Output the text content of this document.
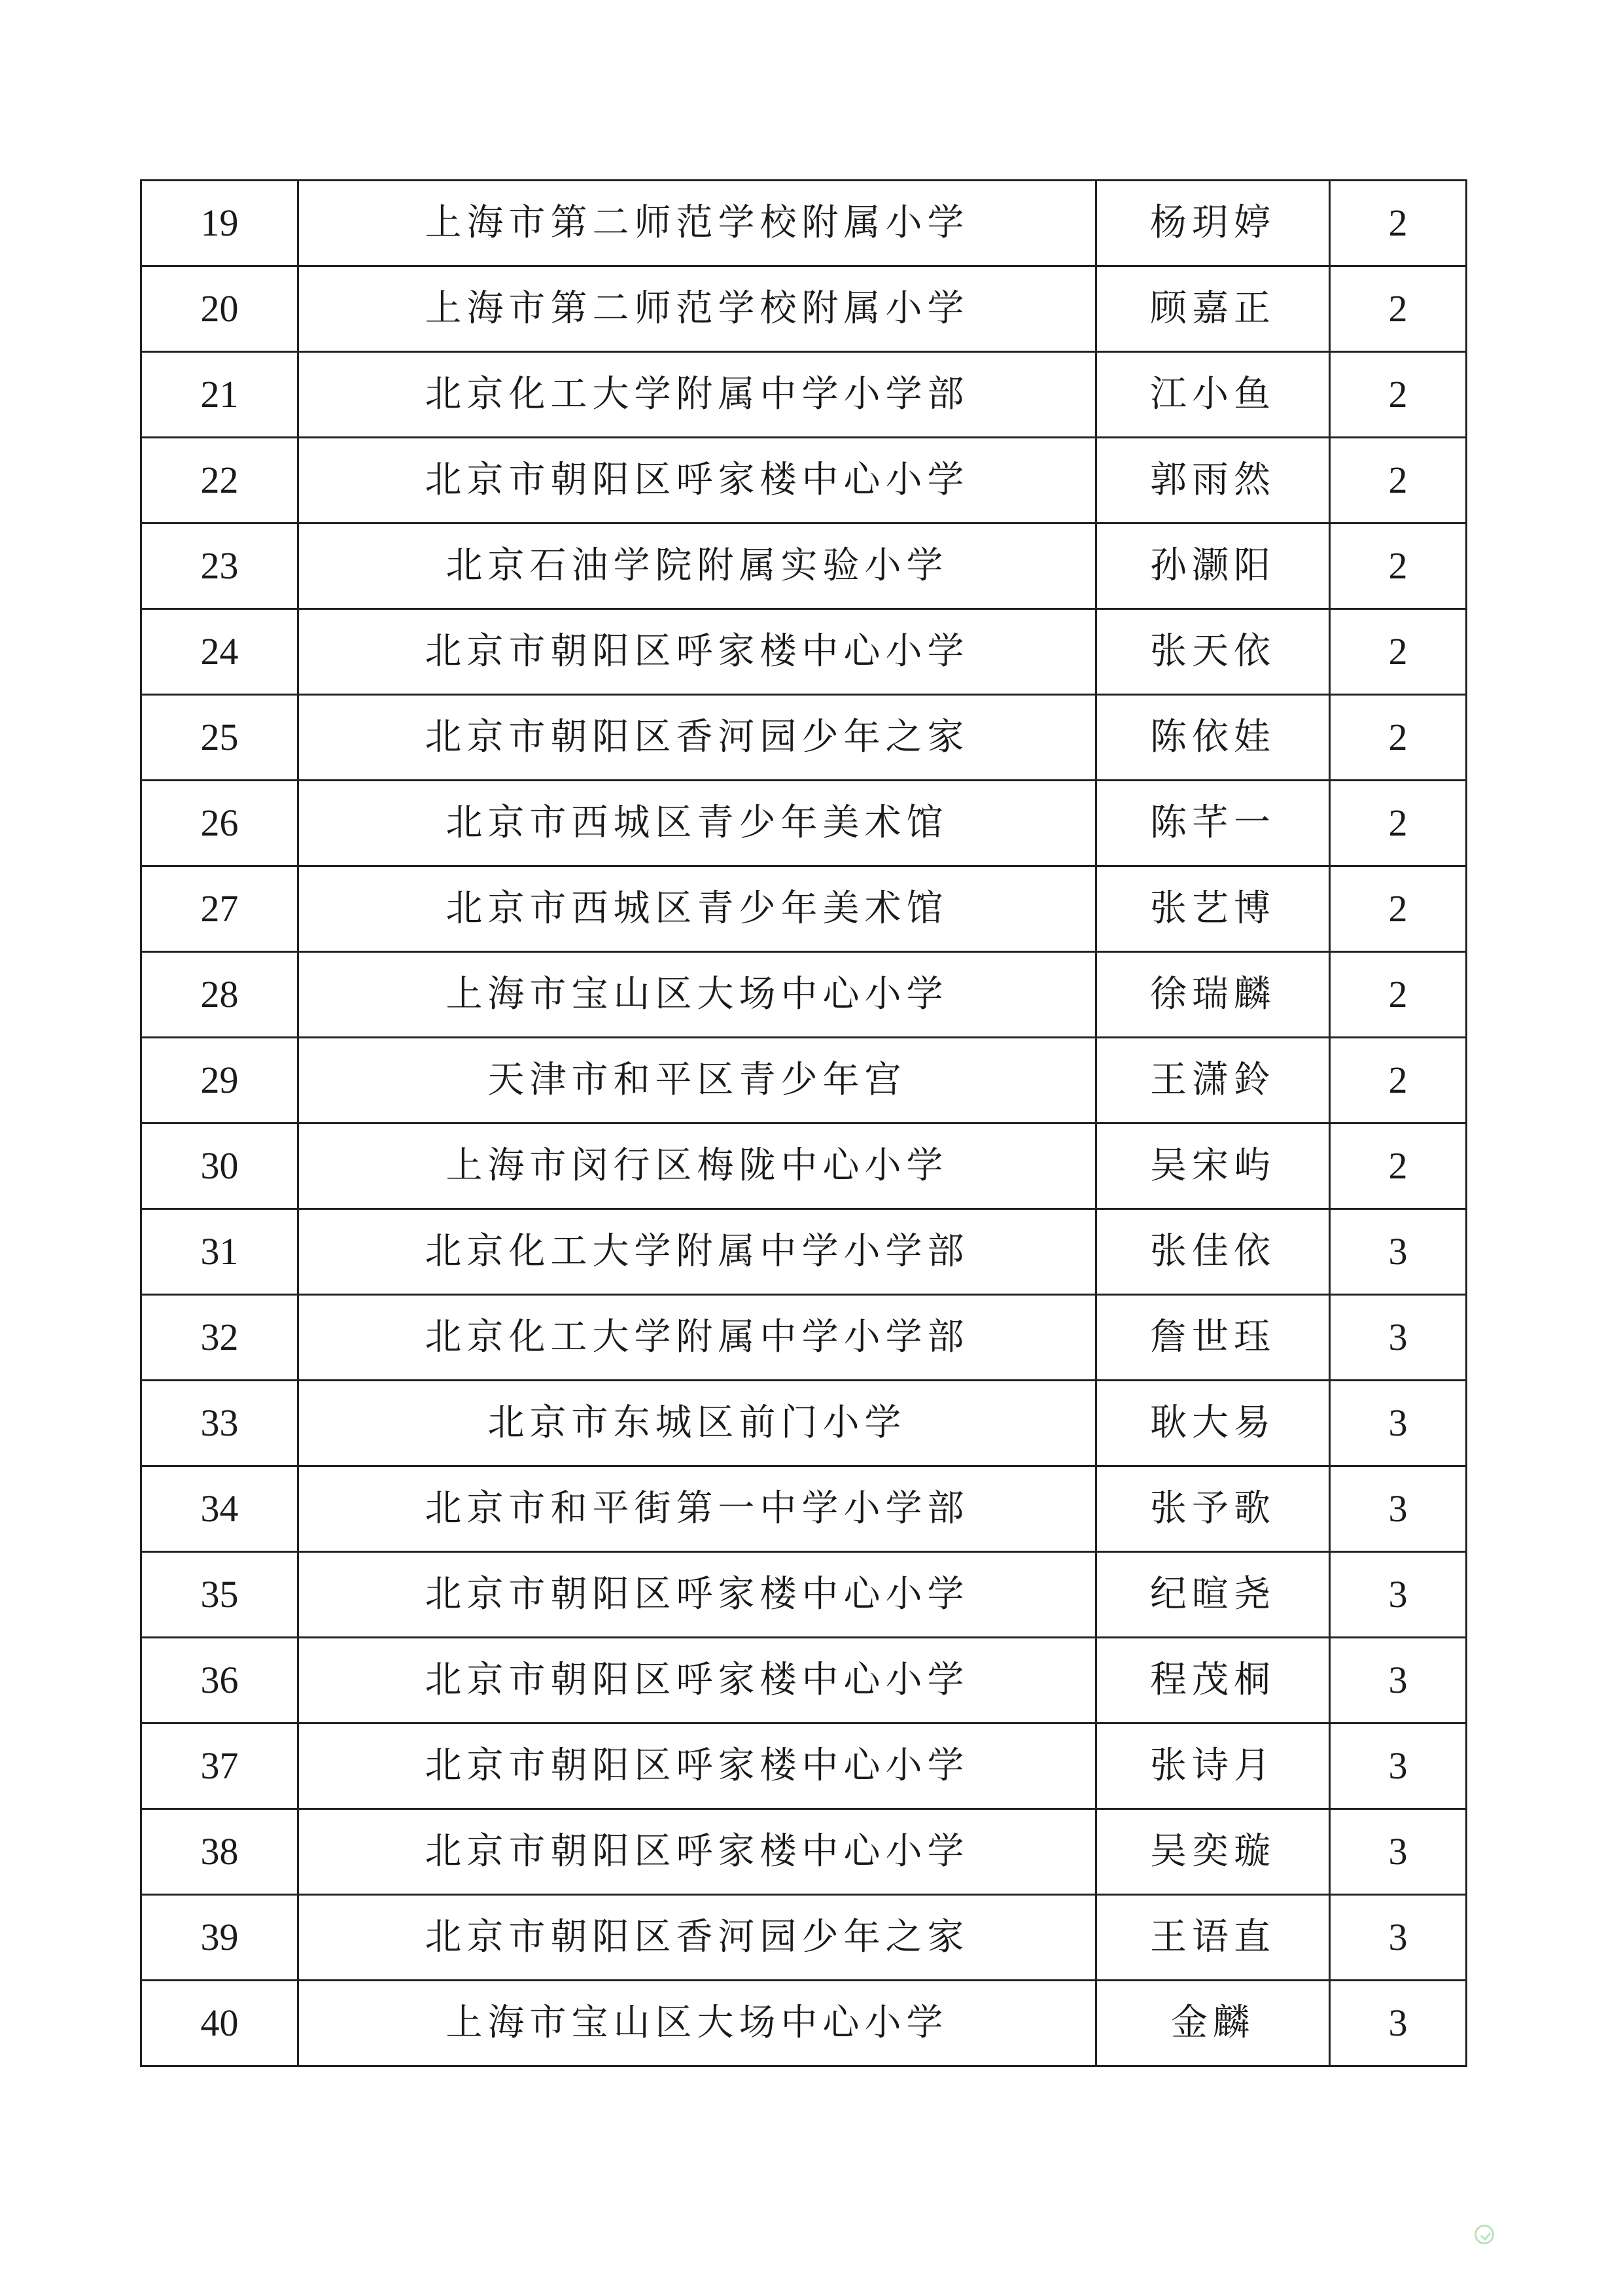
19	上海市第二师范学校附属小学	杨玥婷	2
20	上海市第二师范学校附属小学	顾嘉正	2
21	北京化工大学附属中学小学部	江小鱼	2
22	北京市朝阳区呼家楼中心小学	郭雨然	2
23	北京石油学院附属实验小学	孙灏阳	2
24	北京市朝阳区呼家楼中心小学	张天依	2
25	北京市朝阳区香河园少年之家	陈依娃	2
26	北京市西城区青少年美术馆	陈芊一	2
27	北京市西城区青少年美术馆	张艺博	2
28	上海市宝山区大场中心小学	徐瑞麟	2
29	天津市和平区青少年宫	王潇鈴	2
30	上海市闵行区梅陇中心小学	吴宋屿	2
31	北京化工大学附属中学小学部	张佳依	3
32	北京化工大学附属中学小学部	詹世珏	3
33	北京市东城区前门小学	耿大易	3
34	北京市和平街第一中学小学部	张予歌	3
35	北京市朝阳区呼家楼中心小学	纪暄尧	3
36	北京市朝阳区呼家楼中心小学	程茂桐	3
37	北京市朝阳区呼家楼中心小学	张诗月	3
38	北京市朝阳区呼家楼中心小学	吴奕璇	3
39	北京市朝阳区香河园少年之家	王语直	3
40	上海市宝山区大场中心小学	金麟	3
